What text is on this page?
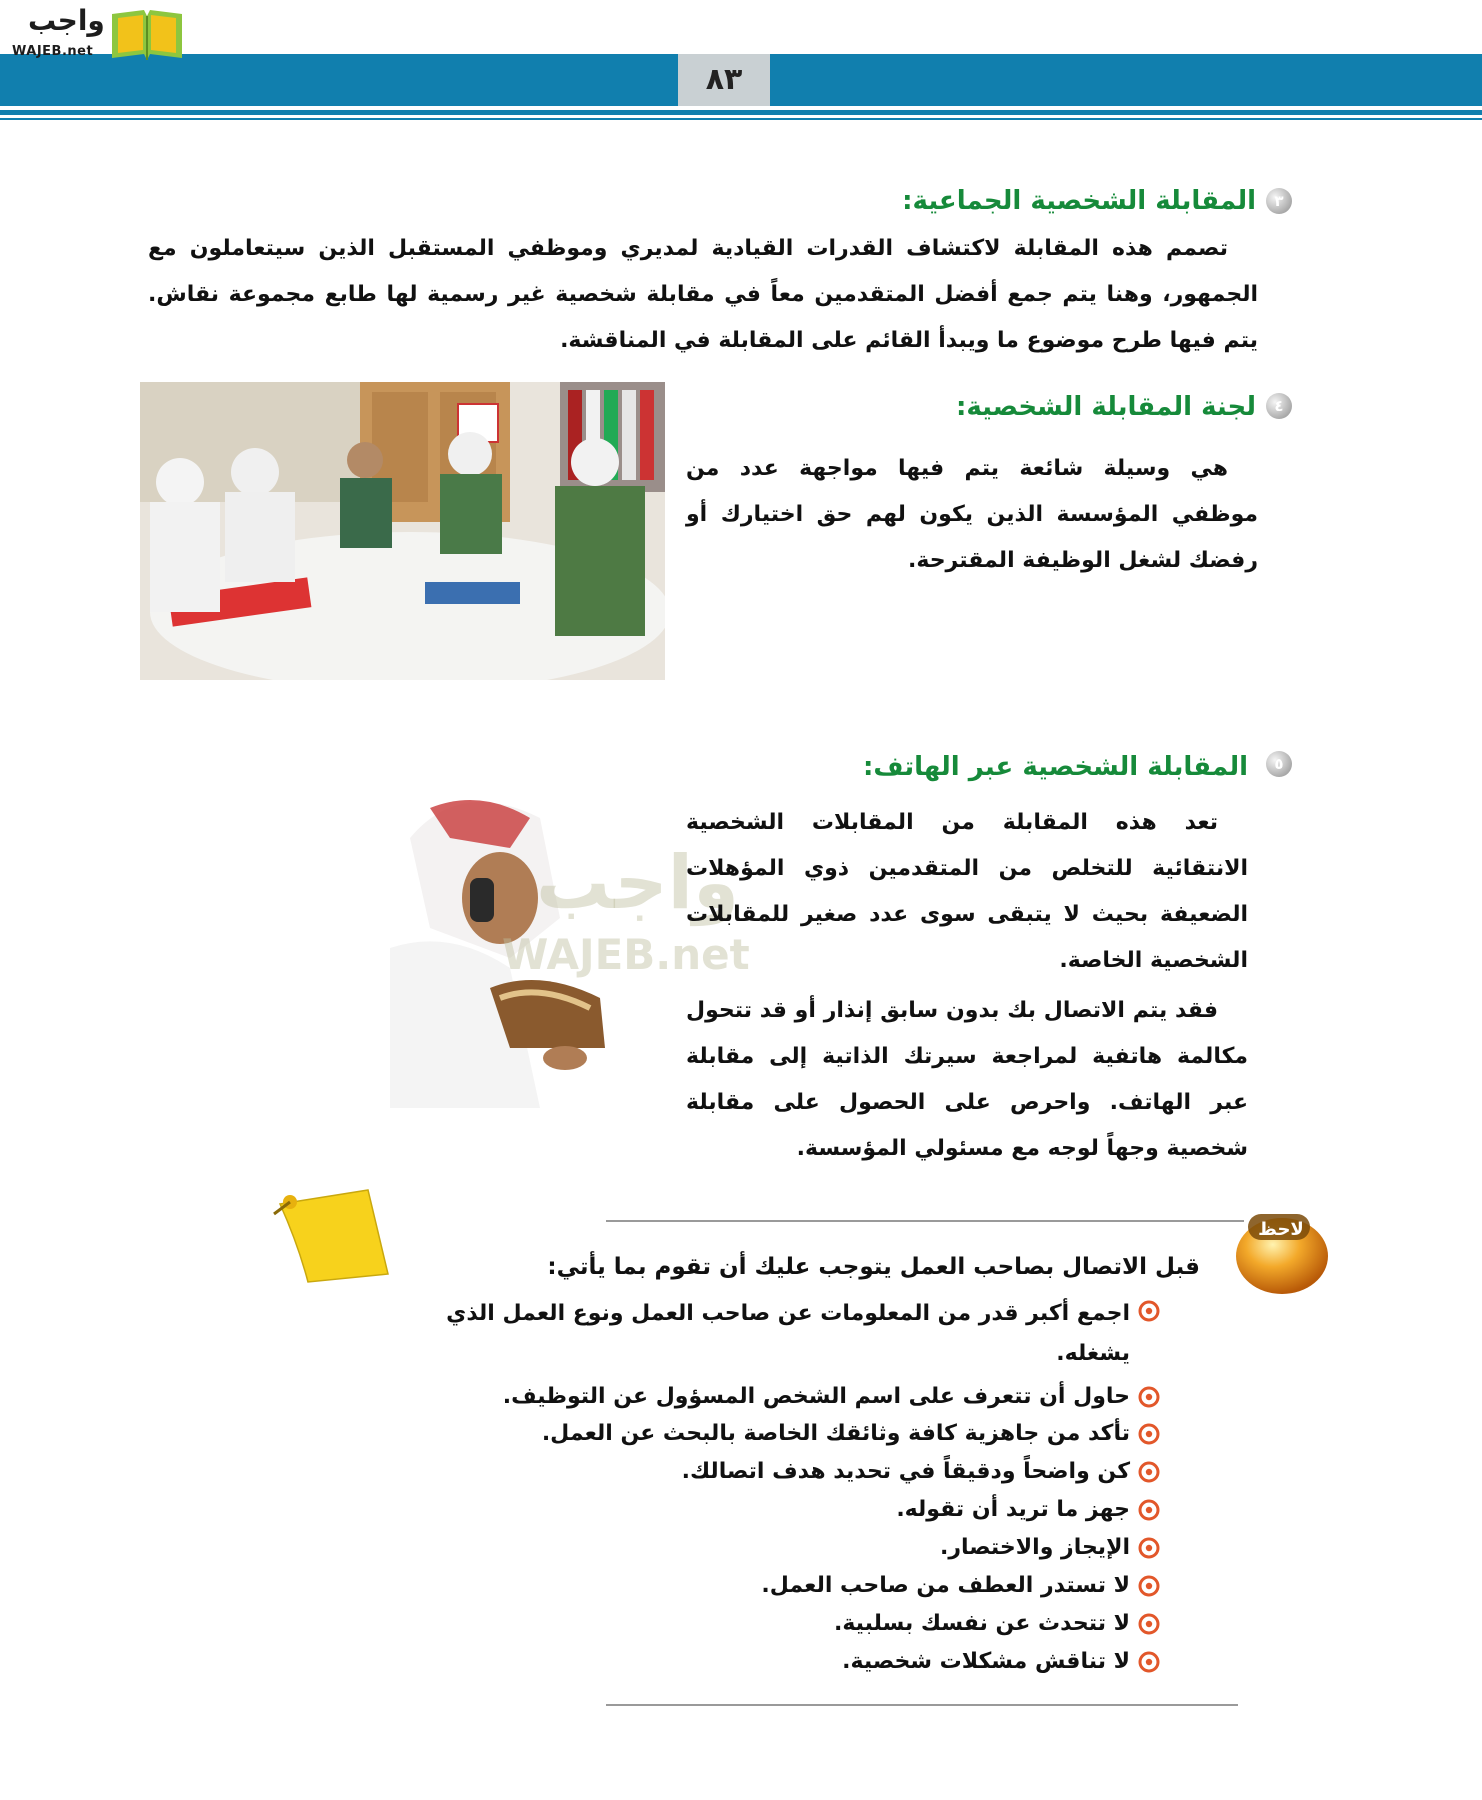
٨٣
واجب
WAJEB.net
٣
المقابلة الشخصية الجماعية:
تصمم هذه المقابلة لاكتشاف القدرات القيادية لمديري وموظفي المستقبل الذين سيتعاملون مع الجمهور، وهنا يتم جمع أفضل المتقدمين معاً في مقابلة شخصية غير رسمية لها طابع مجموعة نقاش. يتم فيها طرح موضوع ما ويبدأ القائم على المقابلة في المناقشة.
٤
لجنة المقابلة الشخصية:
هي وسيلة شائعة يتم فيها مواجهة عدد من موظفي المؤسسة الذين يكون لهم حق اختيارك أو رفضك لشغل الوظيفة المقترحة.
واجب
WAJEB.net
٥
المقابلة الشخصية عبر الهاتف:
تعد هذه المقابلة من المقابلات الشخصية الانتقائية للتخلص من المتقدمين ذوي المؤهلات الضعيفة بحيث لا يتبقى سوى عدد صغير للمقابلات الشخصية الخاصة.
فقد يتم الاتصال بك بدون سابق إنذار أو قد تتحول مكالمة هاتفية لمراجعة سيرتك الذاتية إلى مقابلة عبر الهاتف. واحرص على الحصول على مقابلة شخصية وجهاً لوجه مع مسئولي المؤسسة.
لاحظ
قبل الاتصال بصاحب العمل يتوجب عليك أن تقوم بما يأتي:
اجمع أكبر قدر من المعلومات عن صاحب العمل ونوع العمل الذي يشغله.
حاول أن تتعرف على اسم الشخص المسؤول عن التوظيف.
تأكد من جاهزية كافة وثائقك الخاصة بالبحث عن العمل.
كن واضحاً ودقيقاً في تحديد هدف اتصالك.
جهز ما تريد أن تقوله.
الإيجاز والاختصار.
لا تستدر العطف من صاحب العمل.
لا تتحدث عن نفسك بسلبية.
لا تناقش مشكلات شخصية.
